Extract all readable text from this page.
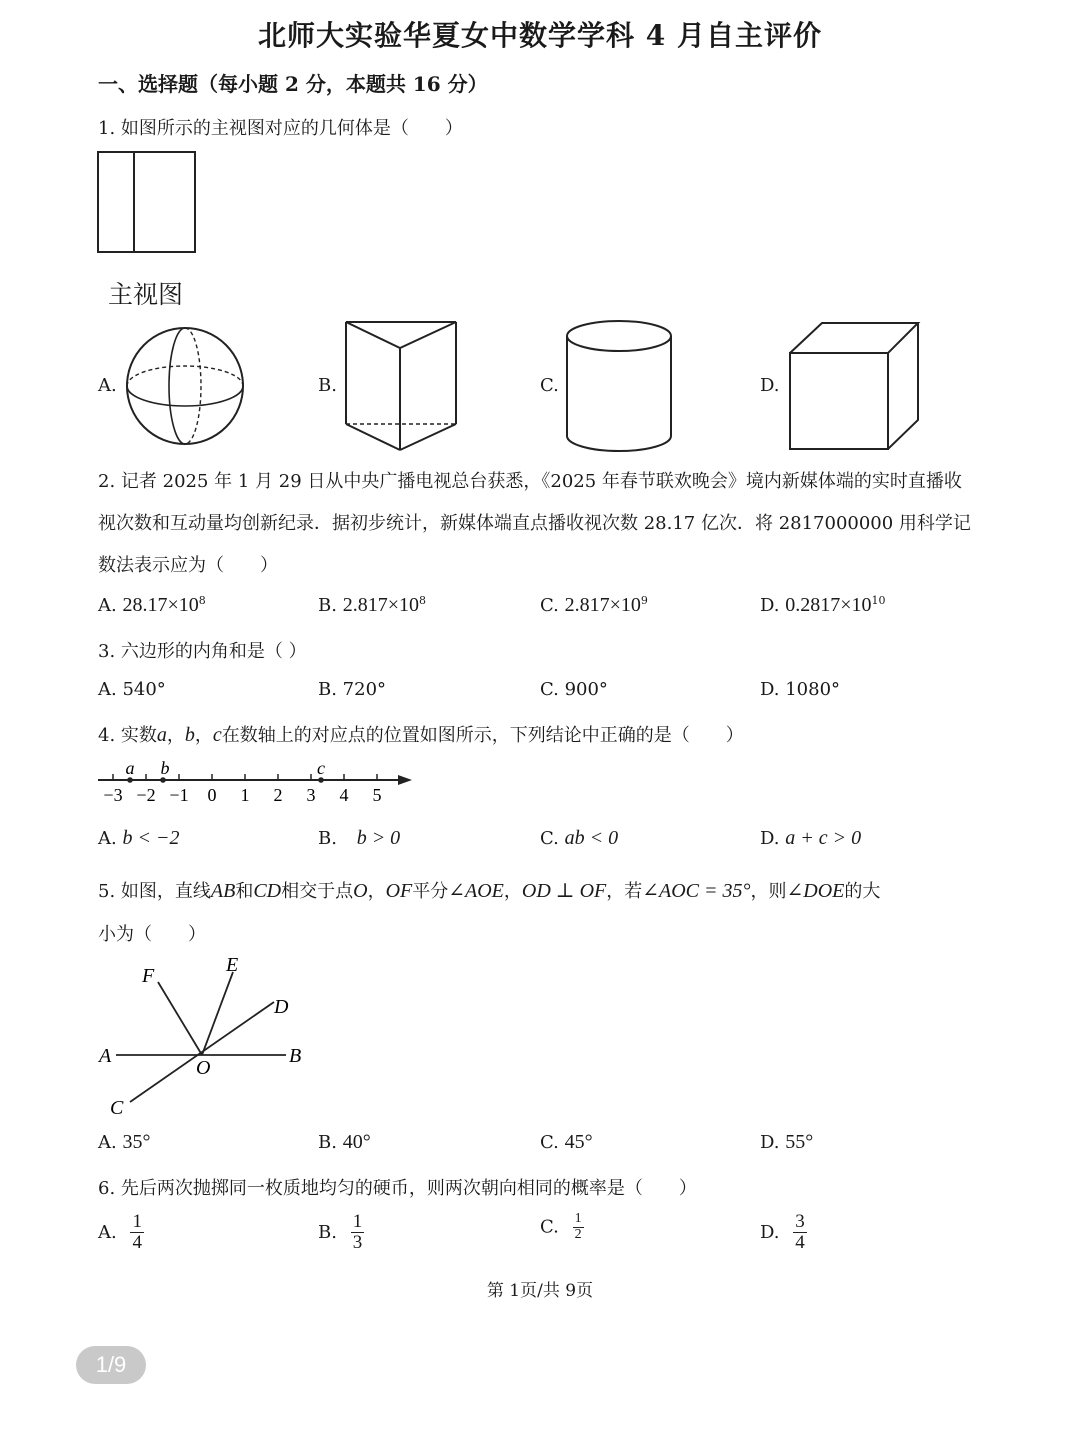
北师大实验华夏女中数学学科 4 月自主评价
一、选择题（每小题 2 分，本题共 16 分）
1. 如图所示的主视图对应的几何体是（　　）
主视图
A.	B.	C.	D.
2. 记者 2025 年 1 月 29 日从中央广播电视总台获悉，《2025 年春节联欢晚会》境内新媒体端的实时直播收
视次数和互动量均创新纪录．据初步统计，新媒体端直点播收视次数 28.17 亿次．将 2817000000 用科学记
数法表示应为（　　）
A. $28.17\times 10^8$	B. $2.817\times 10^8$	C. $2.817\times 10^9$	D. $0.2817\times 10^{10}$
3. 六边形的内角和是（ ）
A. 540°	B. 720°	C. 900°	D. 1080°
4. 实数a，b，c在数轴上的对应点的位置如图所示，下列结论中正确的是（　　）
a b	c
−3 −2 −1 0 1 2 3 4 5
A. b < −2	B. b > 0	C. ab < 0	D. a + c > 0
5. 如图，直线AB和CD相交于点O，OF平分∠AOE，OD ⊥ OF，若∠AOC = 35°，则∠DOE的大
小为（　　）
F	E
D
A
O
B
C
A. 35°	B. 40°	C. 45°	D. 55°
6. 先后两次抛掷同一枚质地均匀的硬币，则两次朝向相同的概率是（　　）
A. $\frac{1}{4}$	B. $\frac{1}{3}$	C. $\frac{1}{2}$	D. $\frac{3}{4}$
第 1页/共 9页
1/9
